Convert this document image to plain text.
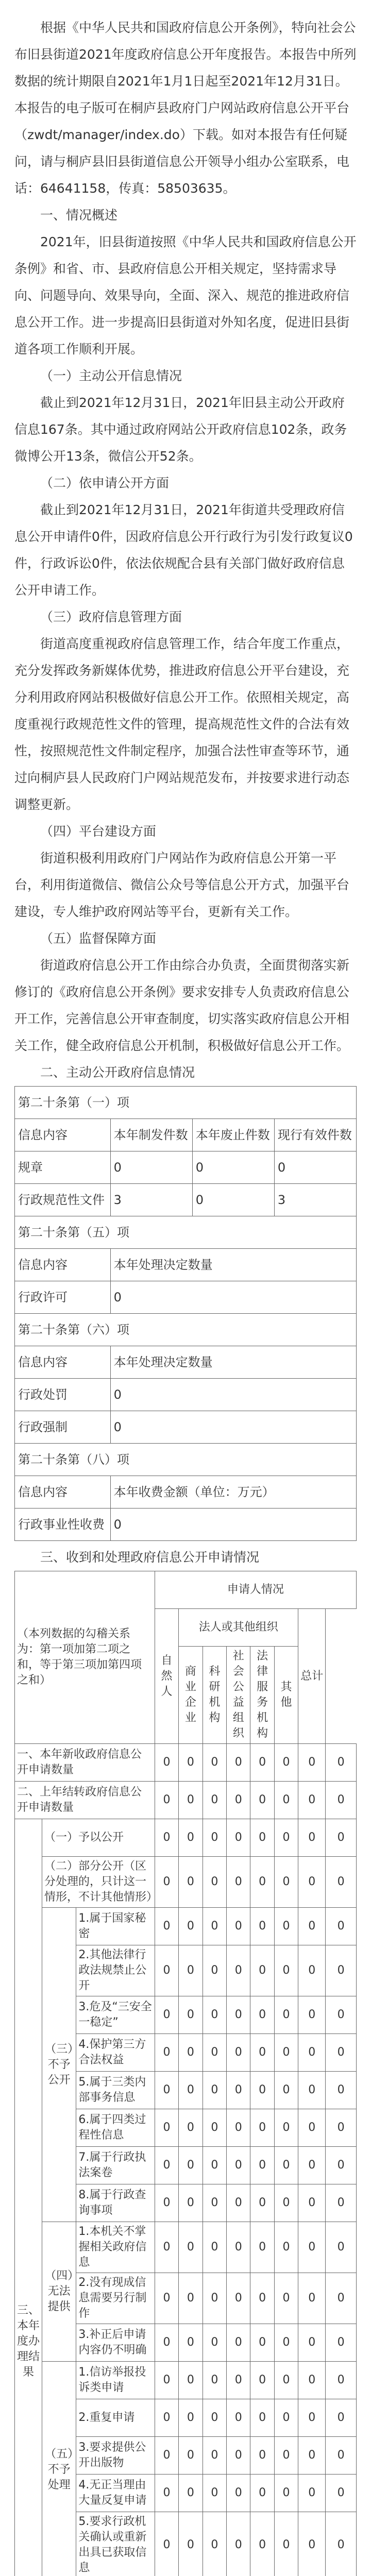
根据《中华人民共和国政府信息公开条例》，特向社会公布旧县街道2021年度政府信息公开年度报告。本报告中所列数据的统计期限自2021年1月1日起至2021年12月31日。本报告的电子版可在桐庐县政府门户网站政府信息公开平台（zwdt/manager/index.do）下载。如对本报告有任何疑问，请与桐庐县旧县街道信息公开领导小组办公室联系，电话：64641158，传真：58503635。

一、情况概述

2021年，旧县街道按照《中华人民共和国政府信息公开条例》和省、市、县政府信息公开相关规定，坚持需求导向、问题导向、效果导向，全面、深入、规范的推进政府信息公开工作。进一步提高旧县街道对外知名度，促进旧县街道各项工作顺利开展。

（一）主动公开信息情况

截止到2021年12月31日，2021年旧县主动公开政府信息167条。其中通过政府网站公开政府信息102条，政务微博公开13条，微信公开52条。

（二）依申请公开方面

截止到2021年12月31日，2021年街道共受理政府信息公开申请件0件，因政府信息公开行政行为引发行政复议0件，行政诉讼0件，依法依规配合县有关部门做好政府信息公开申请工作。

（三）政府信息管理方面

街道高度重视政府信息管理工作，结合年度工作重点，充分发挥政务新媒体优势，推进政府信息公开平台建设，充分利用政府网站积极做好信息公开工作。依照相关规定，高度重视行政规范性文件的管理，提高规范性文件的合法有效性，按照规范性文件制定程序，加强合法性审查等环节，通过向桐庐县人民政府门户网站规范发布，并按要求进行动态调整更新。

（四）平台建设方面

街道积极利用政府门户网站作为政府信息公开第一平台，利用街道微信、微信公众号等信息公开方式，加强平台建设，专人维护政府网站等平台，更新有关工作。

（五）监督保障方面

街道政府信息公开工作由综合办负责，全面贯彻落实新修订的《政府信息公开条例》要求安排专人负责政府信息公开工作，完善信息公开审查制度，切实落实政府信息公开相关工作，健全政府信息公开机制，积极做好信息公开工作。

二、主动公开政府信息情况

第二十条第（一）项			
信息内容	本年制发件数	本年废止件数	现行有效件数
规章	0	0	0
行政规范性文件	3	0	3
第二十条第（五）项			
信息内容	本年处理决定数量		
行政许可	0		
第二十条第（六）项			
信息内容	本年处理决定数量		
行政处罚	0		
行政强制	0		
第二十条第（八）项			
信息内容	本年收费金额（单位：万元）		
行政事业性收费	0		

三、收到和处理政府信息公开申请情况

（本列数据的勾稽关系为：第一项加第二项之和，等于第三项加第四项之和）			申请人情况							
			自然人	法人或其他组织					总计	
				商业企业	科研机构	社会公益组织	法律服务机构	其他		
一、本年新收政府信息公开申请数量			0	0	0	0	0	0	0	0
二、上年结转政府信息公开申请数量			0	0	0	0	0	0	0	0
三、本年度办理结果	（一）予以公开		0	0	0	0	0	0	0	0
	（二）部分公开（区分处理的，只计这一情形，不计其他情形）		0	0	0	0	0	0	0	0
	（三）不予公开	1.属于国家秘密	0	0	0	0	0	0	0	0
		2.其他法律行政法规禁止公开	0	0	0	0	0	0	0	0
		3.危及“三安全一稳定”	0	0	0	0	0	0	0	0
		4.保护第三方合法权益	0	0	0	0	0	0	0	0
		5.属于三类内部事务信息	0	0	0	0	0	0	0	0
		6.属于四类过程性信息	0	0	0	0	0	0	0	0
		7.属于行政执法案卷	0	0	0	0	0	0	0	0
		8.属于行政查询事项	0	0	0	0	0	0	0	0
	（四）无法提供	1.本机关不掌握相关政府信息	0	0	0	0	0	0	0	0
		2.没有现成信息需要另行制作	0	0	0	0	0	0	0	0
		3.补正后申请内容仍不明确	0	0	0	0	0	0	0	0
	（五）不予处理	1.信访举报投诉类申请	0	0	0	0	0	0	0	0
		2.重复申请	0	0	0	0	0	0	0	0
		3.要求提供公开出版物	0	0	0	0	0	0	0	0
		4.无正当理由大量反复申请	0	0	0	0	0	0	0	0
		5.要求行政机关确认或重新出具已获取信息	0	0	0	0	0	0	0	0
